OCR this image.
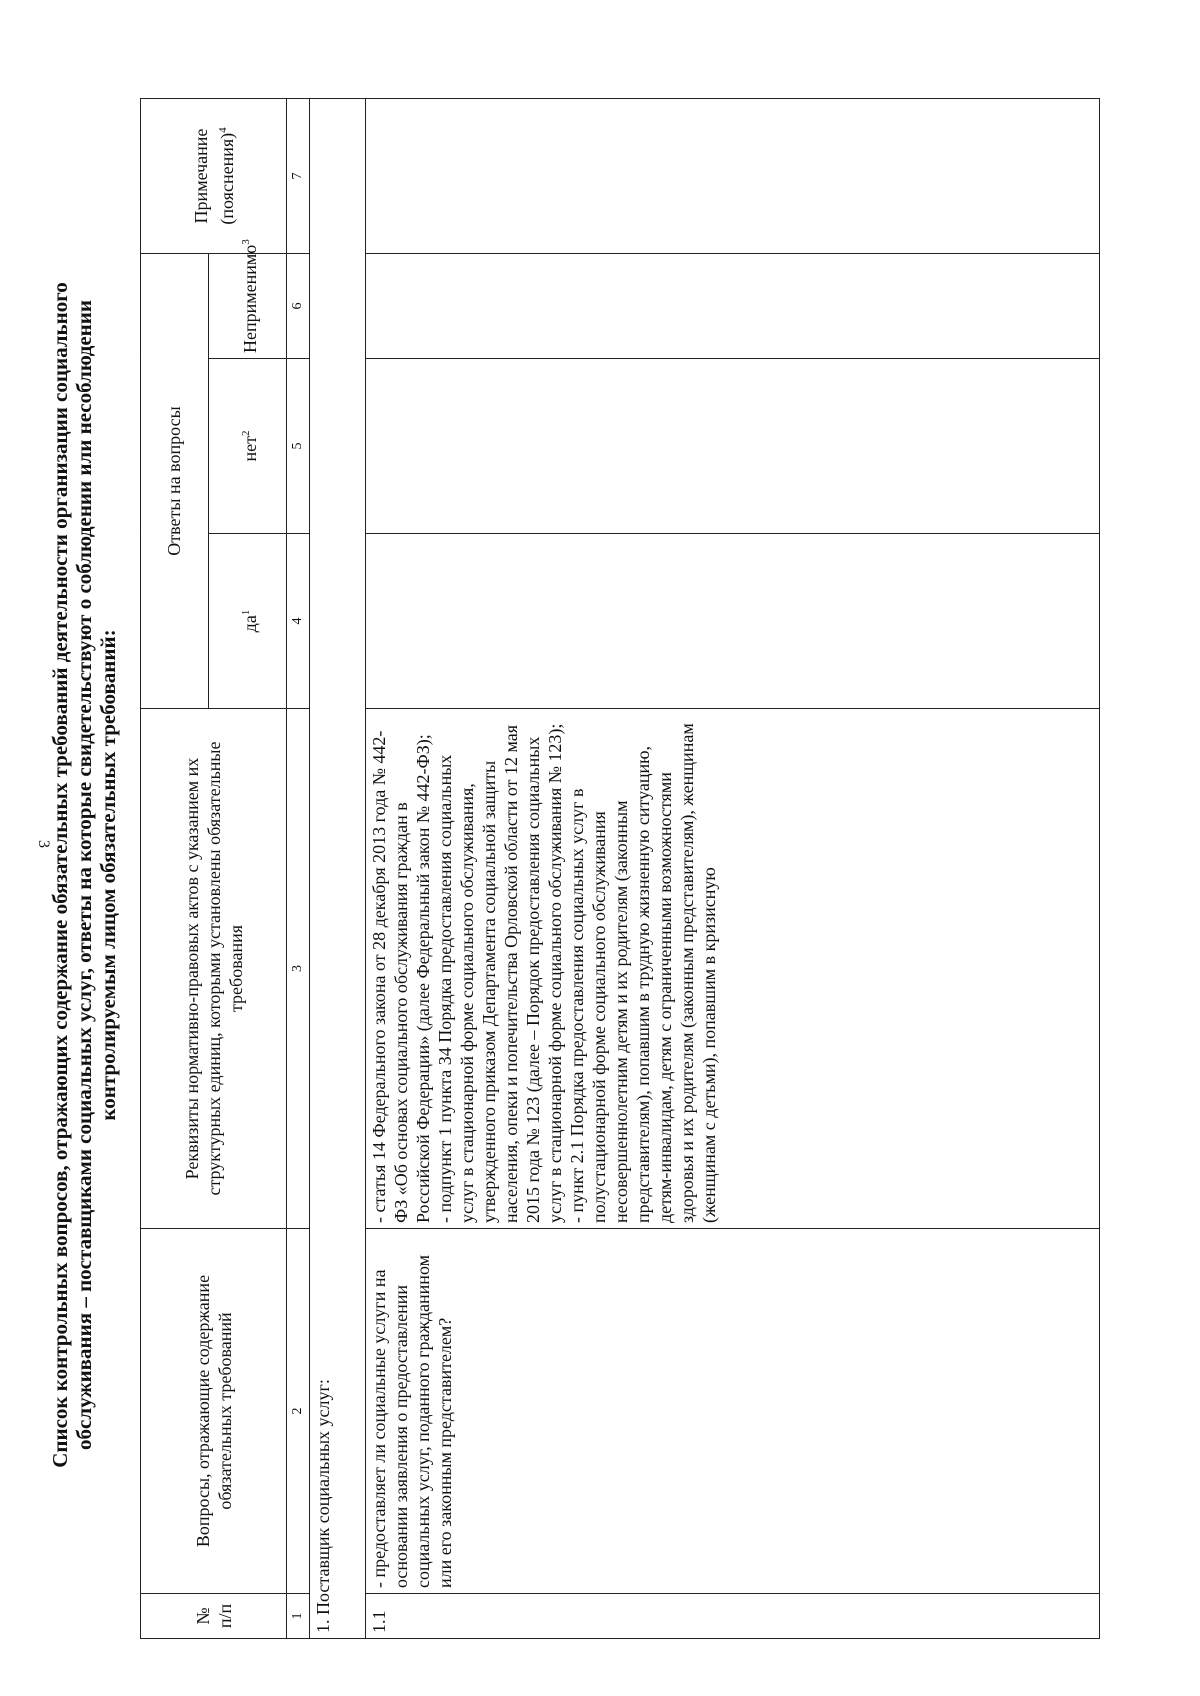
3
Список контрольных вопросов, отражающих содержание обязательных требований деятельности организации социального обслуживания – поставщиками социальных услуг, ответы на которые свидетельствуют о соблюдении или несоблюдении контролируемым лицом обязательных требований:
№ п/п	Вопросы, отражающие содержание обязательных требований	Реквизиты нормативно-правовых актов с указанием их структурных единиц, которыми установлены обязательные требования	Ответы на вопросы			Примечание (пояснения)$^4$
			$да^1$	нет$^2$	Неприменимо$^3$
1	2	3	4	5	6	7
1. Поставщик социальных услуг:						
1.1	- предоставляет ли социальные услуги на основании заявления о предоставлении социальных услуг, поданного гражданином или его законным представителем?	- статья 14 Федерального закона от 28 декабря 2013 года № 442-ФЗ «Об основах социального обслуживания граждан в Российской Федерации» (далее Федеральный закон № 442-ФЗ); - подпункт 1 пункта 34 Порядка предоставления социальных услуг в стационарной форме социального обслуживания, утвержденного приказом Департамента социальной защиты населения, опеки и попечительства Орловской области от 12 мая 2015 года № 123 (далее – Порядок предоставления социальных услуг в стационарной форме социального обслуживания № 123); - пункт 2.1 Порядка предоставления социальных услуг в полустационарной форме социального обслуживания несовершеннолетним детям и их родителям (законным представителям), попавшим в трудную жизненную ситуацию, детям-инвалидам, детям с ограниченными возможностями здоровья и их родителям (законным представителям), женщинам (женщинам с детьми), попавшим в кризисную				
